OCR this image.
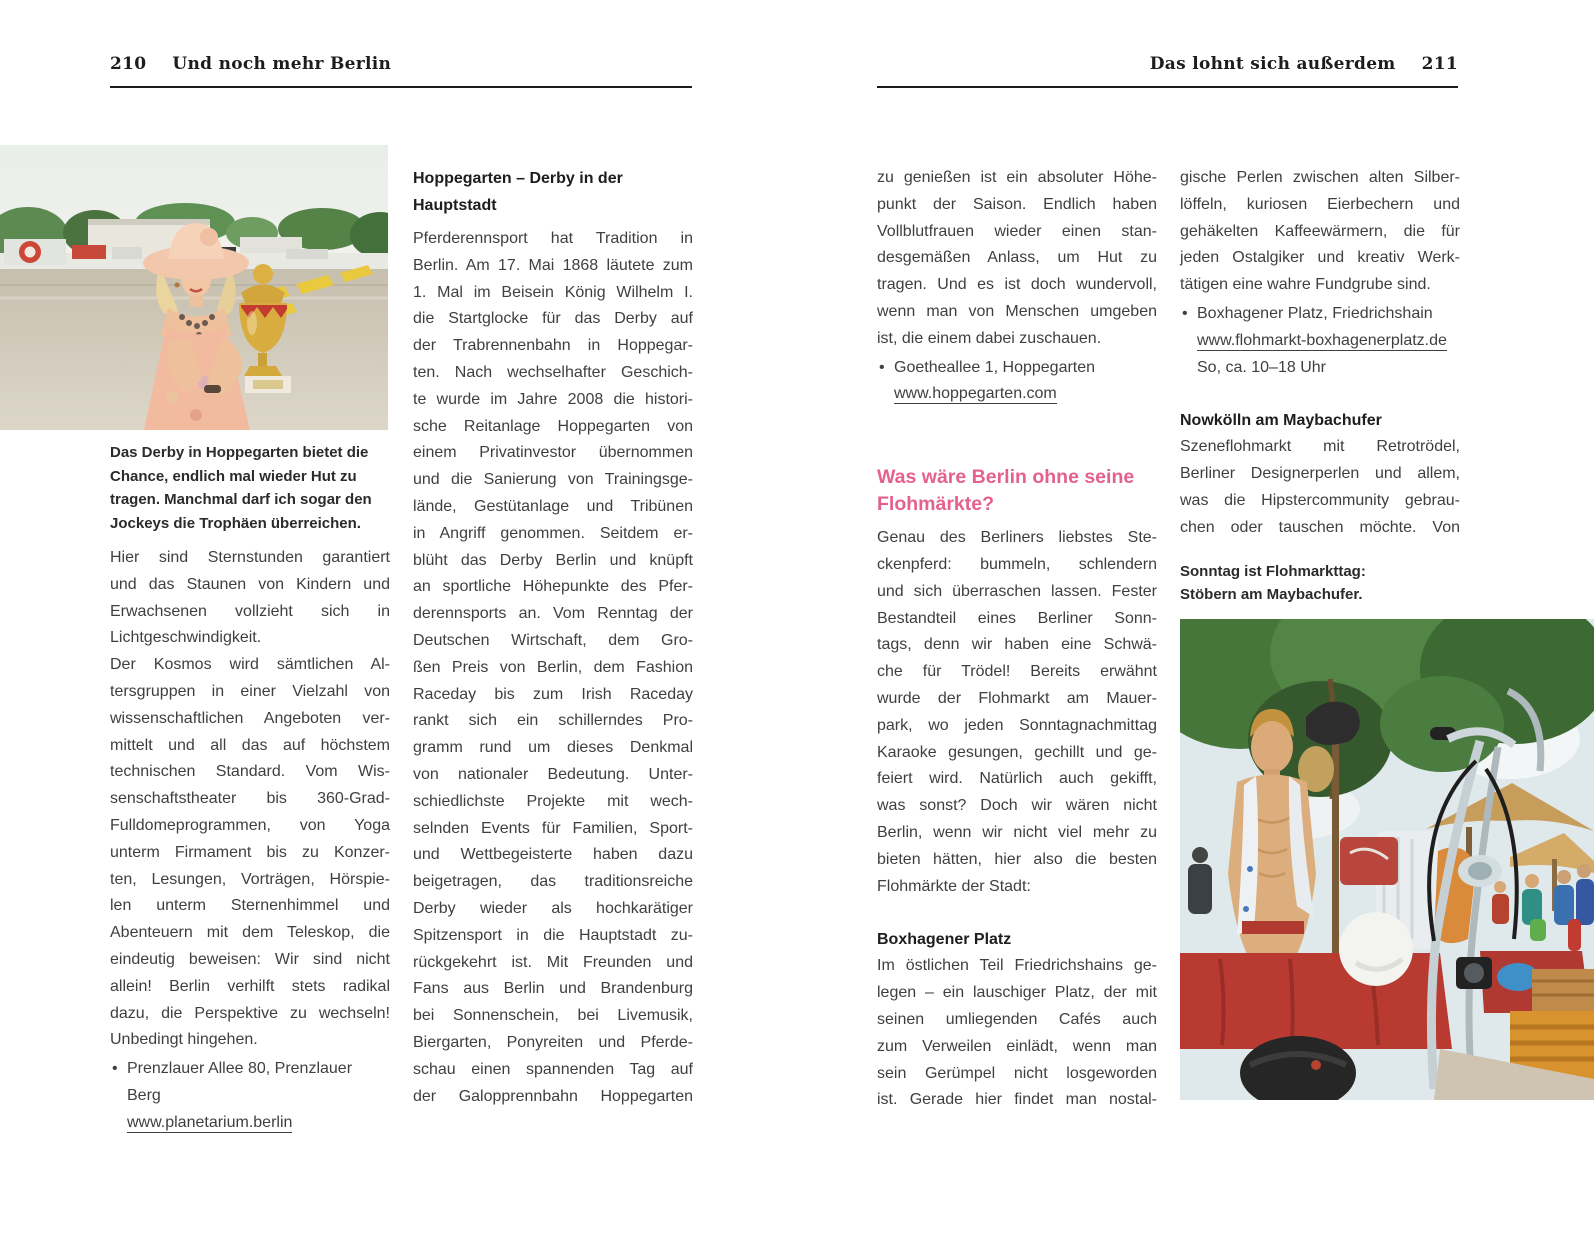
210 Und noch mehr Berlin	Das lohnt sich außerdem 211
Das Derby in Hoppegarten bietet die
Chance, endlich mal wieder Hut zu
tragen. Manchmal darf ich sogar den
Jockeys die Trophäen überreichen.
Hier sind Sternstunden garantiert
und das Staunen von Kindern und
Erwachsenen vollzieht sich in
Lichtgeschwindigkeit.
Der Kosmos wird sämtlichen Al-
tersgruppen in einer Vielzahl von
wissenschaftlichen Angeboten ver-
mittelt und all das auf höchstem
technischen Standard. Vom Wis-
senschaftstheater bis 360-Grad-
Fulldomeprogrammen, von Yoga
unterm Firmament bis zu Konzer-
ten, Lesungen, Vorträgen, Hörspie-
len unterm Sternenhimmel und
Abenteuern mit dem Teleskop, die
eindeutig beweisen: Wir sind nicht
allein! Berlin verhilft stets radikal
dazu, die Perspektive zu wechseln!
Unbedingt hingehen.
• Prenzlauer Allee 80, Prenzlauer Berg
www.planetarium.berlin
Hoppegarten – Derby in der
Hauptstadt
Pferderennsport hat Tradition in
Berlin. Am 17. Mai 1868 läutete zum
1. Mal im Beisein König Wilhelm I.
die Startglocke für das Derby auf
der Trabrennenbahn in Hoppegar-
ten. Nach wechselhafter Geschich-
te wurde im Jahre 2008 die histori-
sche Reitanlage Hoppegarten von
einem Privatinvestor übernommen
und die Sanierung von Trainingsge-
lände, Gestütanlage und Tribünen
in Angriff genommen. Seitdem er-
blüht das Derby Berlin und knüpft
an sportliche Höhepunkte des Pfer-
derennsports an. Vom Renntag der
Deutschen Wirtschaft, dem Gro-
ßen Preis von Berlin, dem Fashion
Raceday bis zum Irish Raceday
rankt sich ein schillerndes Pro-
gramm rund um dieses Denkmal
von nationaler Bedeutung. Unter-
schiedlichste Projekte mit wech-
selnden Events für Familien, Sport-
und Wettbegeisterte haben dazu
beigetragen, das traditionsreiche
Derby wieder als hochkarätiger
Spitzensport in die Hauptstadt zu-
rückgekehrt ist. Mit Freunden und
Fans aus Berlin und Brandenburg
bei Sonnenschein, bei Livemusik,
Biergarten, Ponyreiten und Pferde-
schau einen spannenden Tag auf
der Galopprennbahn Hoppegarten
zu genießen ist ein absoluter Höhe-
punkt der Saison. Endlich haben
Vollblutfrauen wieder einen stan-
desgemäßen Anlass, um Hut zu
tragen. Und es ist doch wundervoll,
wenn man von Menschen umgeben
ist, die einem dabei zuschauen.
• Goetheallee 1, Hoppegarten
www.hoppegarten.com
Was wäre Berlin ohne seine
Flohmärkte?
Genau des Berliners liebstes Ste-
ckenpferd: bummeln, schlendern
und sich überraschen lassen. Fester
Bestandteil eines Berliner Sonn-
tags, denn wir haben eine Schwä-
che für Trödel! Bereits erwähnt
wurde der Flohmarkt am Mauer-
park, wo jeden Sonntagnachmittag
Karaoke gesungen, gechillt und ge-
feiert wird. Natürlich auch gekifft,
was sonst? Doch wir wären nicht
Berlin, wenn wir nicht viel mehr zu
bieten hätten, hier also die besten
Flohmärkte der Stadt:
Boxhagener Platz
Im östlichen Teil Friedrichshains ge-
legen – ein lauschiger Platz, der mit
seinen umliegenden Cafés auch
zum Verweilen einlädt, wenn man
sein Gerümpel nicht losgeworden
ist. Gerade hier findet man nostal-
gische Perlen zwischen alten Silber-
löffeln, kuriosen Eierbechern und
gehäkelten Kaffeewärmern, die für
jeden Ostalgiker und kreativ Werk-
tätigen eine wahre Fundgrube sind.
• Boxhagener Platz, Friedrichshain
www.flohmarkt-boxhagenerplatz.de
So, ca. 10–18 Uhr
Nowkölln am Maybachufer
Szeneflohmarkt mit Retrotrödel,
Berliner Designerperlen und allem,
was die Hipstercommunity gebrau-
chen oder tauschen möchte. Von
Sonntag ist Flohmarkttag:
Stöbern am Maybachufer.
